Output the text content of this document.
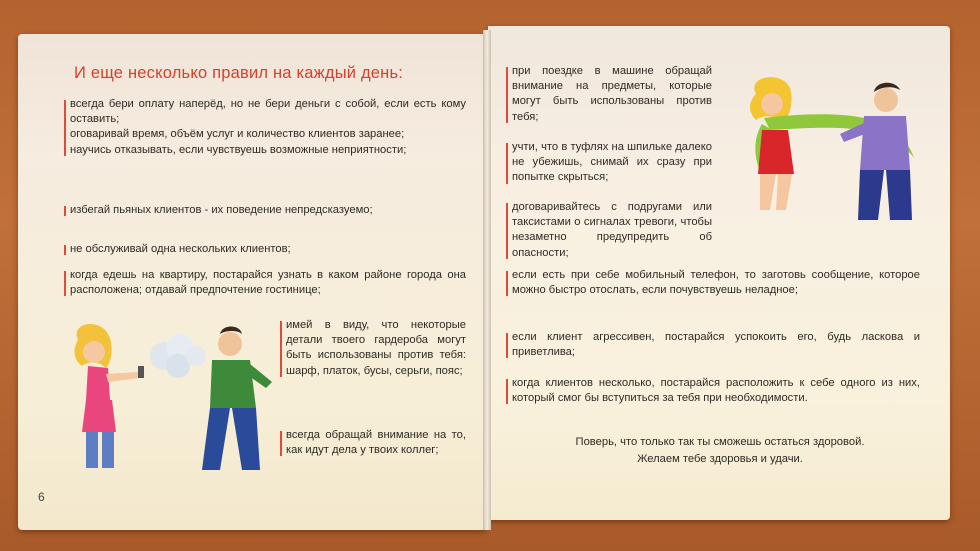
И еще несколько правил на каждый день:
всегда бери оплату наперёд, но не бери деньги с собой, если есть кому оставить;
оговаривай время, объём услуг и количество клиентов заранее;
научись отказывать, если чувствуешь возможные неприятности;
избегай пьяных клиентов - их поведение непредсказуемо;
не обслуживай одна нескольких клиентов;
когда едешь на квартиру, постарайся узнать в каком районе города она расположена; отдавай предпочтение гостинице;
имей в виду, что некоторые детали твоего гардероба могут быть использованы против тебя: шарф, платок, бусы, серьги, пояс;
всегда обращай внимание на то, как идут дела у твоих коллег;
6
при поездке в машине обращай внимание на предметы, которые могут быть использованы против тебя;
учти, что в туфлях на шпильке далеко не убежишь, снимай их сразу при попытке скрыться;
договаривайтесь с подругами или таксистами о сигналах тревоги, чтобы незаметно предупредить об опасности;
если есть при себе мобильный телефон, то заготовь сообщение, которое можно быстро отослать, если почувствуешь неладное;
если клиент агрессивен, постарайся успокоить его, будь ласкова и приветлива;
когда клиентов несколько, постарайся расположить к себе одного из них, который смог бы вступиться за тебя при необходимости.
Поверь, что только так ты сможешь остаться здоровой.
Желаем тебе здоровья и удачи.
